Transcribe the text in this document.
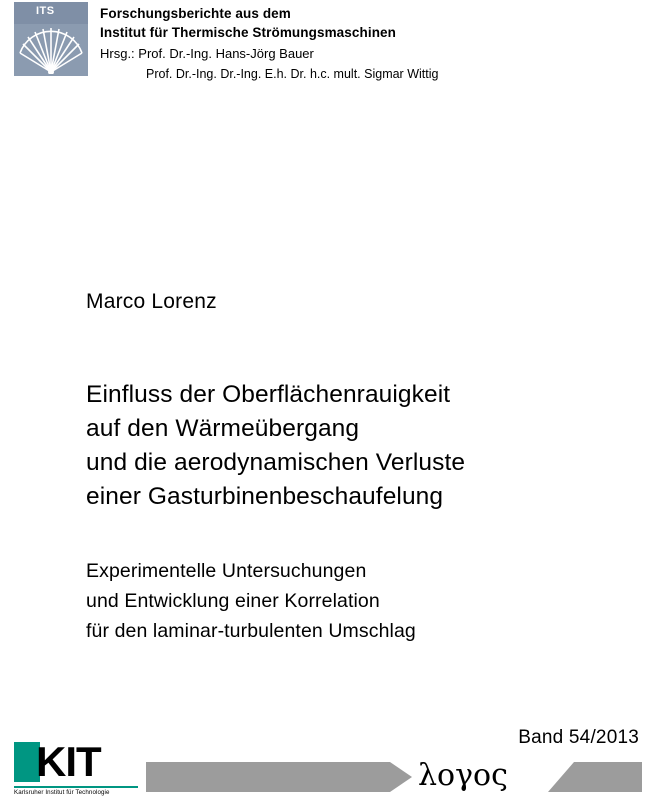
ITS	Forschungsberichte aus dem
Institut für Thermische Strömungsmaschinen
Hrsg.: Prof. Dr.-Ing. Hans-Jörg Bauer
Prof. Dr.-Ing. Dr.-Ing. E.h. Dr. h.c. mult. Sigmar Wittig
Marco Lorenz
Einfluss der Oberflächenrauigkeit
auf den Wärmeübergang
und die aerodynamischen Verluste
einer Gasturbinenbeschaufelung
Experimentelle Untersuchungen
und Entwicklung einer Korrelation
für den laminar-turbulenten Umschlag
Band 54/2013
KIT
Karlsruher Institut für Technologie	λογος
